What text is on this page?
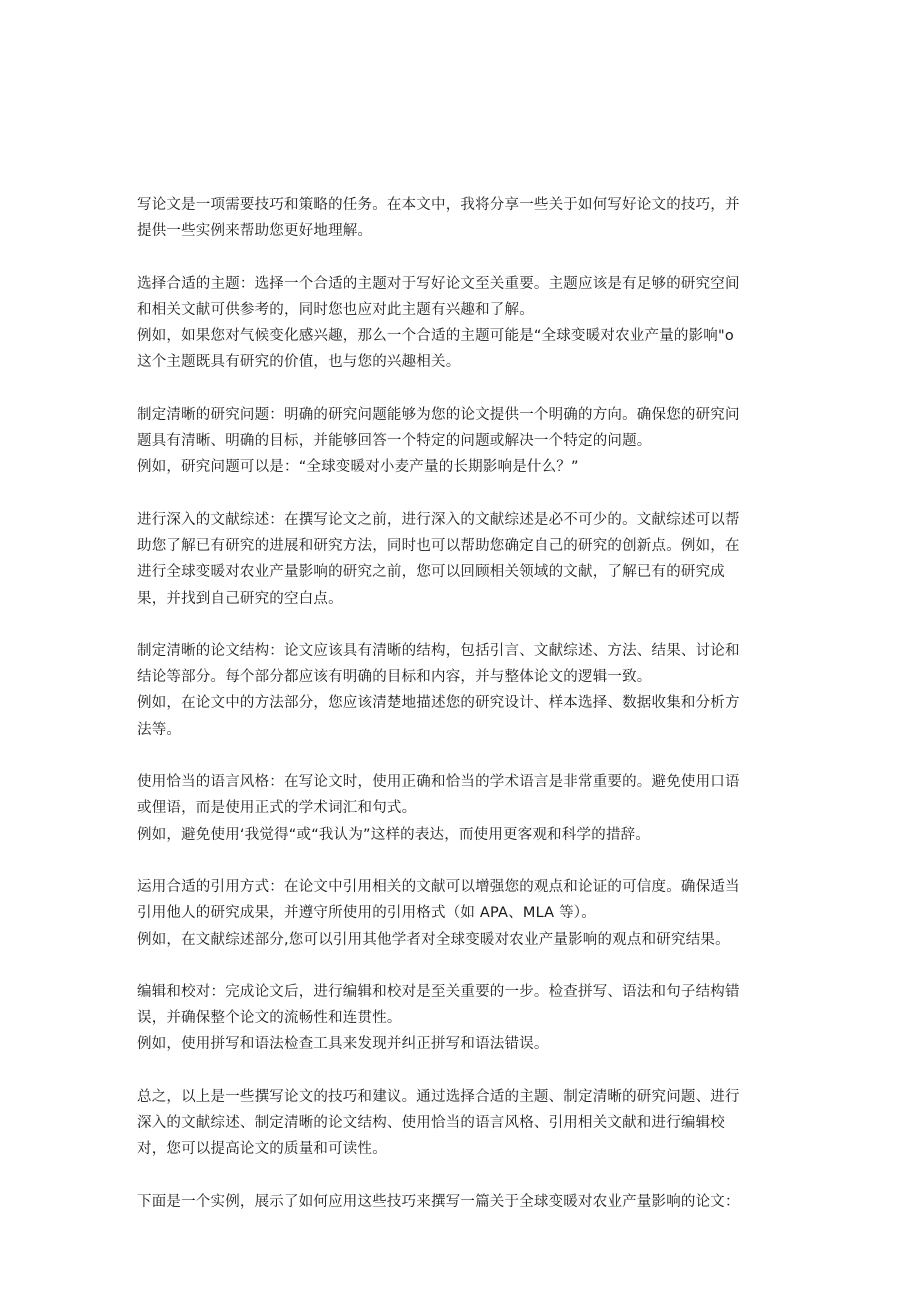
写论文是一项需要技巧和策略的任务。在本文中，我将分享一些关于如何写好论文的技巧，并
提供一些实例来帮助您更好地理解。

选择合适的主题：选择一个合适的主题对于写好论文至关重要。主题应该是有足够的研究空间
和相关文献可供参考的，同时您也应对此主题有兴趣和了解。
例如，如果您对气候变化感兴趣，那么一个合适的主题可能是“全球变暖对农业产量的影响"o
这个主题既具有研究的价值，也与您的兴趣相关。

制定清晰的研究问题：明确的研究问题能够为您的论文提供一个明确的方向。确保您的研究问
题具有清晰、明确的目标，并能够回答一个特定的问题或解决一个特定的问题。
例如，研究问题可以是：“全球变暖对小麦产量的长期影响是什么？”

进行深入的文献综述：在撰写论文之前，进行深入的文献综述是必不可少的。文献综述可以帮
助您了解已有研究的进展和研究方法，同时也可以帮助您确定自己的研究的创新点。例如，在
进行全球变暖对农业产量影响的研究之前，您可以回顾相关领域的文献，了解已有的研究成
果，并找到自己研究的空白点。

制定清晰的论文结构：论文应该具有清晰的结构，包括引言、文献综述、方法、结果、讨论和
结论等部分。每个部分都应该有明确的目标和内容，并与整体论文的逻辑一致。
例如，在论文中的方法部分，您应该清楚地描述您的研究设计、样本选择、数据收集和分析方
法等。

使用恰当的语言风格：在写论文时，使用正确和恰当的学术语言是非常重要的。避免使用口语
或俚语，而是使用正式的学术词汇和句式。
例如，避免使用‘我觉得“或“我认为”这样的表达，而使用更客观和科学的措辞。

运用合适的引用方式：在论文中引用相关的文献可以增强您的观点和论证的可信度。确保适当
引用他人的研究成果，并遵守所使用的引用格式（如 APA、MLA 等）。
例如，在文献综述部分,您可以引用其他学者对全球变暖对农业产量影响的观点和研究结果。

编辑和校对：完成论文后，进行编辑和校对是至关重要的一步。检查拼写、语法和句子结构错
误，并确保整个论文的流畅性和连贯性。
例如，使用拼写和语法检查工具来发现并纠正拼写和语法错误。

总之，以上是一些撰写论文的技巧和建议。通过选择合适的主题、制定清晰的研究问题、进行
深入的文献综述、制定清晰的论文结构、使用恰当的语言风格、引用相关文献和进行编辑校
对，您可以提高论文的质量和可读性。

下面是一个实例，展示了如何应用这些技巧来撰写一篇关于全球变暖对农业产量影响的论文：
